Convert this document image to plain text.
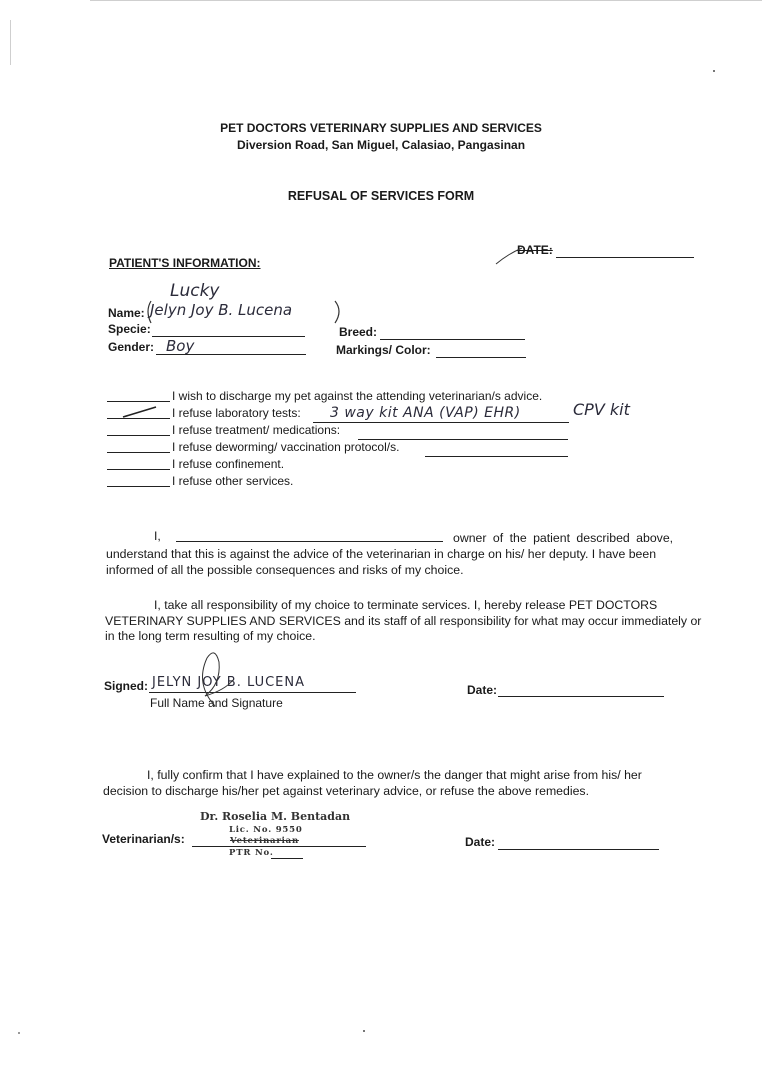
PET DOCTORS VETERINARY SUPPLIES AND SERVICES
Diversion Road, San Miguel, Calasiao, Pangasinan
REFUSAL OF SERVICES FORM
DATE:
PATIENT'S INFORMATION:
Name:
Lucky
Jelyn Joy B. Lucena
Specie:	Breed:
Gender: Boy	Markings/ Color:
I wish to discharge my pet against the attending veterinarian/s advice.
I refuse laboratory tests: 3 way kit ANA (VAP) EHR)	CPV kit
I refuse treatment/ medications:
I refuse deworming/ vaccination protocol/s.
I refuse confinement.
I refuse other services.
I,	owner of the patient described above,
understand that this is against the advice of the veterinarian in charge on his/ her deputy. I have been
informed of all the possible consequences and risks of my choice.
I, take all responsibility of my choice to terminate services. I, hereby release PET DOCTORS
VETERINARY SUPPLIES AND SERVICES and its staff of all responsibility for what may occur immediately or
in the long term resulting of my choice.
Signed: JELYN JOY B. LUCENA
Full Name and Signature
Date:
I, fully confirm that I have explained to the owner/s the danger that might arise from his/ her
decision to discharge his/her pet against veterinary advice, or refuse the above remedies.
Veterinarian/s:
Dr. Roselia M. Bentadan
Lic. No. 9550
Veterinarian
PTR No.
Date:
